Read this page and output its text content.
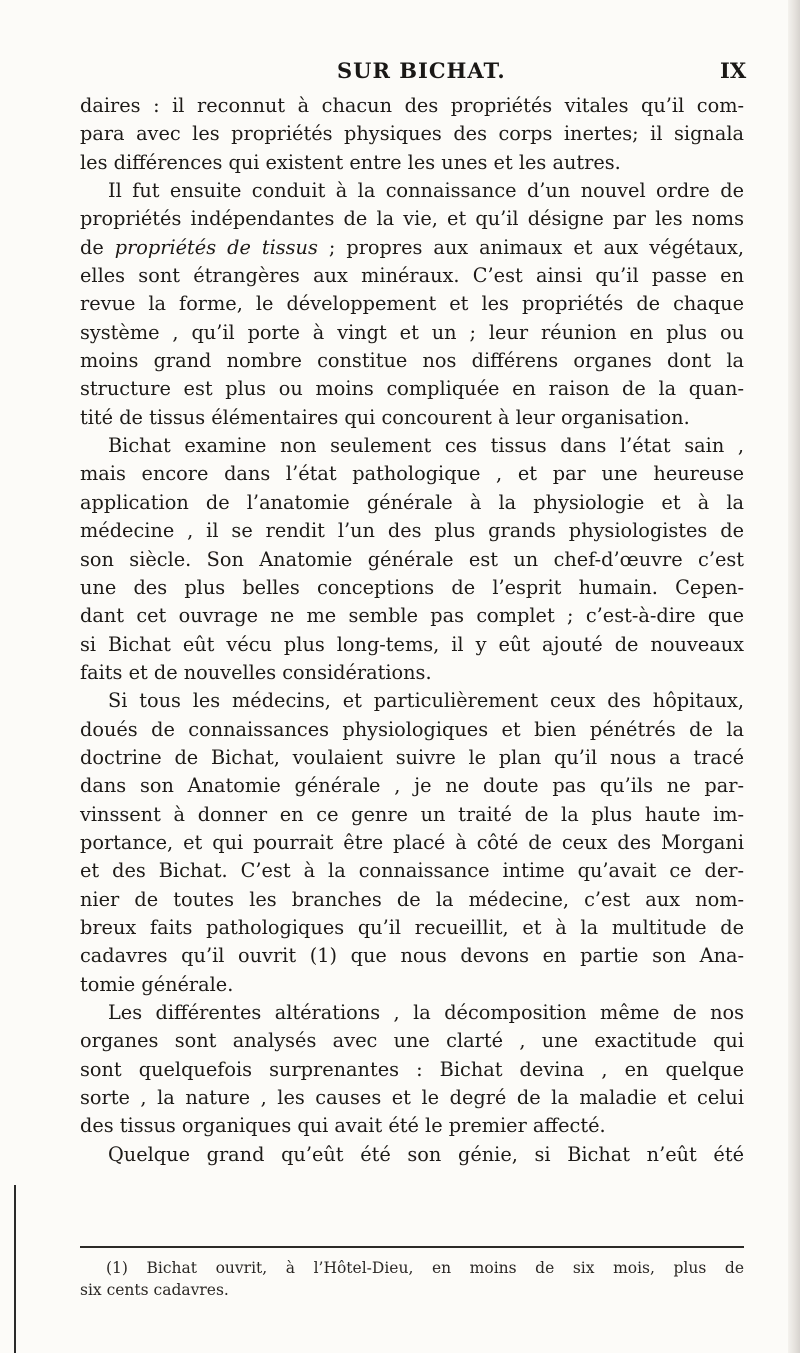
SUR BICHAT.	IX
daires : il reconnut à chacun des propriétés vitales qu’il com-
para avec les propriétés physiques des corps inertes; il signala
les différences qui existent entre les unes et les autres.
Il fut ensuite conduit à la connaissance d’un nouvel ordre de
propriétés indépendantes de la vie, et qu’il désigne par les noms
de propriétés de tissus ; propres aux animaux et aux végétaux,
elles sont étrangères aux minéraux. C’est ainsi qu’il passe en
revue la forme, le développement et les propriétés de chaque
système , qu’il porte à vingt et un ; leur réunion en plus ou
moins grand nombre constitue nos différens organes dont la
structure est plus ou moins compliquée en raison de la quan-
tité de tissus élémentaires qui concourent à leur organisation.
Bichat examine non seulement ces tissus dans l’état sain ,
mais encore dans l’état pathologique , et par une heureuse
application de l’anatomie générale à la physiologie et à la
médecine , il se rendit l’un des plus grands physiologistes de
son siècle. Son Anatomie générale est un chef-d’œuvre c’est
une des plus belles conceptions de l’esprit humain. Cepen-
dant cet ouvrage ne me semble pas complet ; c’est-à-dire que
si Bichat eût vécu plus long-tems, il y eût ajouté de nouveaux
faits et de nouvelles considérations.
Si tous les médecins, et particulièrement ceux des hôpitaux,
doués de connaissances physiologiques et bien pénétrés de la
doctrine de Bichat, voulaient suivre le plan qu’il nous a tracé
dans son Anatomie générale , je ne doute pas qu’ils ne par-
vinssent à donner en ce genre un traité de la plus haute im-
portance, et qui pourrait être placé à côté de ceux des Morgani
et des Bichat. C’est à la connaissance intime qu’avait ce der-
nier de toutes les branches de la médecine, c’est aux nom-
breux faits pathologiques qu’il recueillit, et à la multitude de
cadavres qu’il ouvrit (1) que nous devons en partie son Ana-
tomie générale.
Les différentes altérations , la décomposition même de nos
organes sont analysés avec une clarté , une exactitude qui
sont quelquefois surprenantes : Bichat devina , en quelque
sorte , la nature , les causes et le degré de la maladie et celui
des tissus organiques qui avait été le premier affecté.
Quelque grand qu’eût été son génie, si Bichat n’eût été
(1) Bichat ouvrit, à l’Hôtel-Dieu, en moins de six mois, plus de
six cents cadavres.
